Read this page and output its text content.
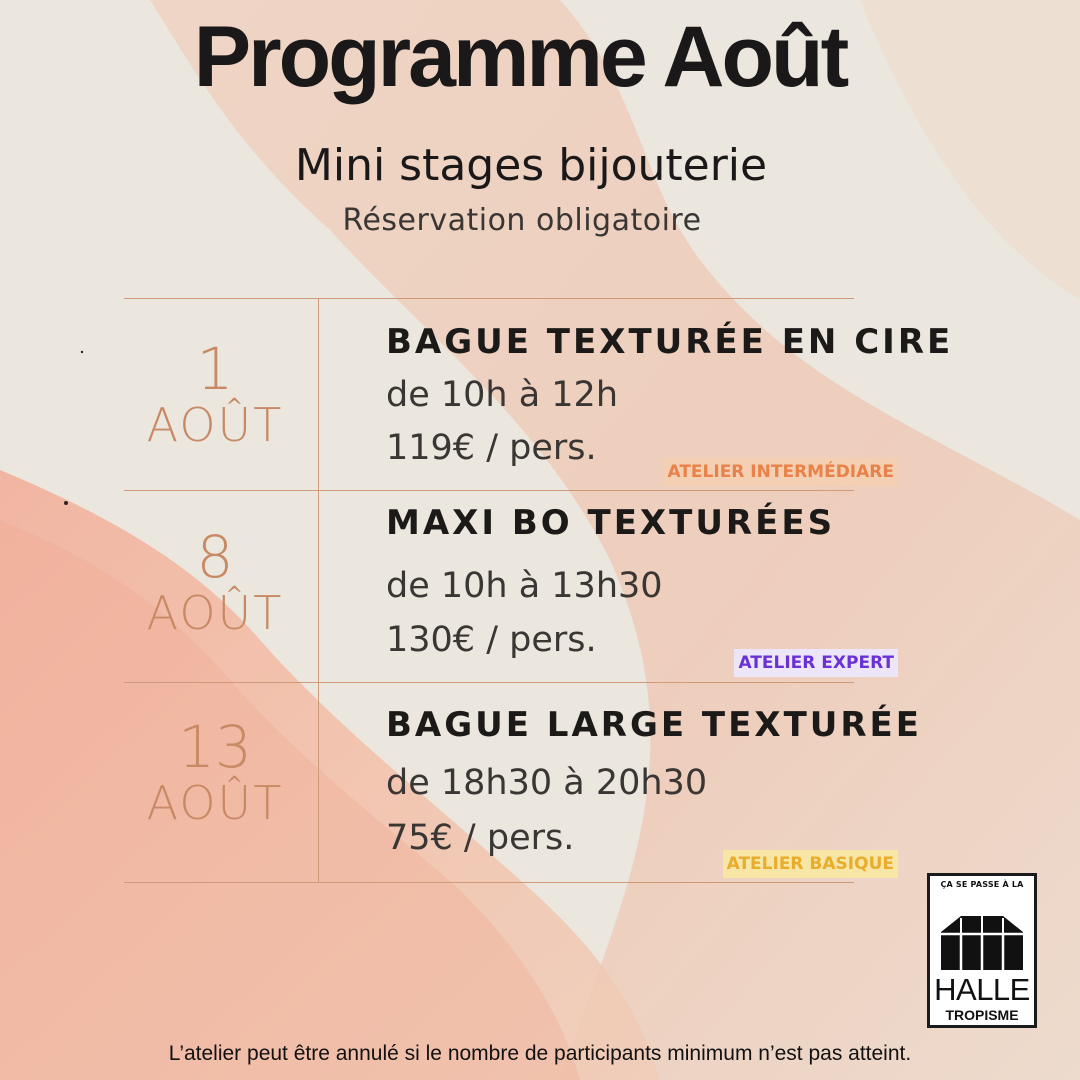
Programme Août
Mini stages bijouterie
Réservation obligatoire
1
AOÛT
BAGUE TEXTURÉE EN CIRE
de 10h à 12h
119€ / pers.
ATELIER INTERMÉDIARE
8
AOÛT
MAXI BO TEXTURÉES
de 10h à 13h30
130€ / pers.
ATELIER EXPERT
13
AOÛT
BAGUE LARGE TEXTURÉE
de 18h30 à 20h30
75€ / pers.
ATELIER BASIQUE
ÇA SE PASSE À LA
HALLE
TROPISME
L’atelier peut être annulé si le nombre de participants minimum n’est pas atteint.
